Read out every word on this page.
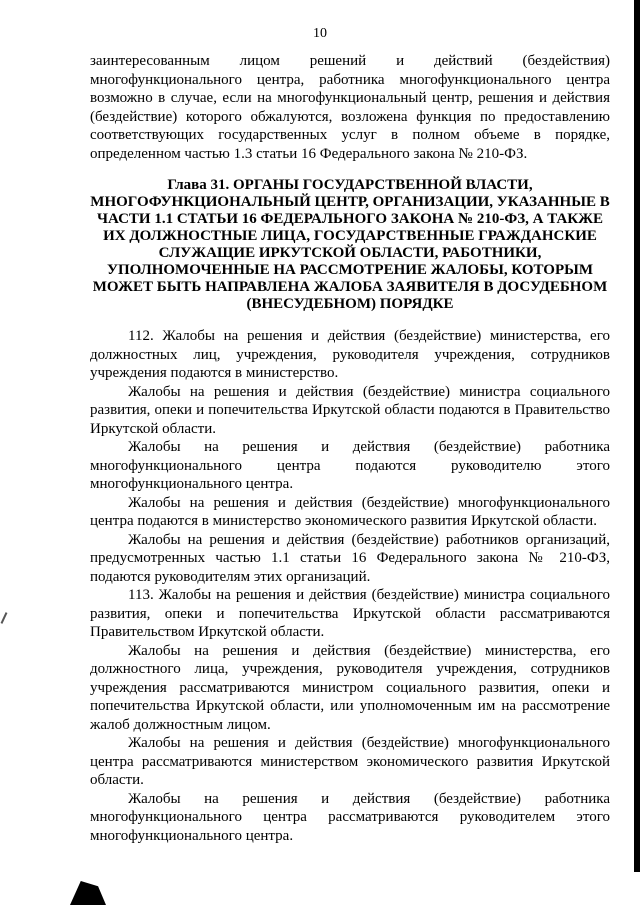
10

заинтересованным лицом решений и действий (бездействия) многофункционального центра, работника многофункционального центра возможно в случае, если на многофункциональный центр, решения и действия (бездействие) которого обжалуются, возложена функция по предоставлению соответствующих государственных услуг в полном объеме в порядке, определенном частью 1.3 статьи 16 Федерального закона № 210-ФЗ.

Глава 31. ОРГАНЫ ГОСУДАРСТВЕННОЙ ВЛАСТИ, МНОГОФУНКЦИОНАЛЬНЫЙ ЦЕНТР, ОРГАНИЗАЦИИ, УКАЗАННЫЕ В ЧАСТИ 1.1 СТАТЬИ 16 ФЕДЕРАЛЬНОГО ЗАКОНА № 210-ФЗ, А ТАКЖЕ ИХ ДОЛЖНОСТНЫЕ ЛИЦА, ГОСУДАРСТВЕННЫЕ ГРАЖДАНСКИЕ СЛУЖАЩИЕ ИРКУТСКОЙ ОБЛАСТИ, РАБОТНИКИ, УПОЛНОМОЧЕННЫЕ НА РАССМОТРЕНИЕ ЖАЛОБЫ, КОТОРЫМ МОЖЕТ БЫТЬ НАПРАВЛЕНА ЖАЛОБА ЗАЯВИТЕЛЯ В ДОСУДЕБНОМ (ВНЕСУДЕБНОМ) ПОРЯДКЕ

112. Жалобы на решения и действия (бездействие) министерства, его должностных лиц, учреждения, руководителя учреждения, сотрудников учреждения подаются в министерство.

Жалобы на решения и действия (бездействие) министра социального развития, опеки и попечительства Иркутской области подаются в Правительство Иркутской области.

Жалобы на решения и действия (бездействие) работника многофункционального центра подаются руководителю этого многофункционального центра.

Жалобы на решения и действия (бездействие) многофункционального центра подаются в министерство экономического развития Иркутской области.

Жалобы на решения и действия (бездействие) работников организаций, предусмотренных частью 1.1 статьи 16 Федерального закона № 210-ФЗ, подаются руководителям этих организаций.

113. Жалобы на решения и действия (бездействие) министра социального развития, опеки и попечительства Иркутской области рассматриваются Правительством Иркутской области.

Жалобы на решения и действия (бездействие) министерства, его должностного лица, учреждения, руководителя учреждения, сотрудников учреждения рассматриваются министром социального развития, опеки и попечительства Иркутской области, или уполномоченным им на рассмотрение жалоб должностным лицом.

Жалобы на решения и действия (бездействие) многофункционального центра рассматриваются министерством экономического развития Иркутской области.

Жалобы на решения и действия (бездействие) работника многофункционального центра рассматриваются руководителем этого многофункционального центра.
